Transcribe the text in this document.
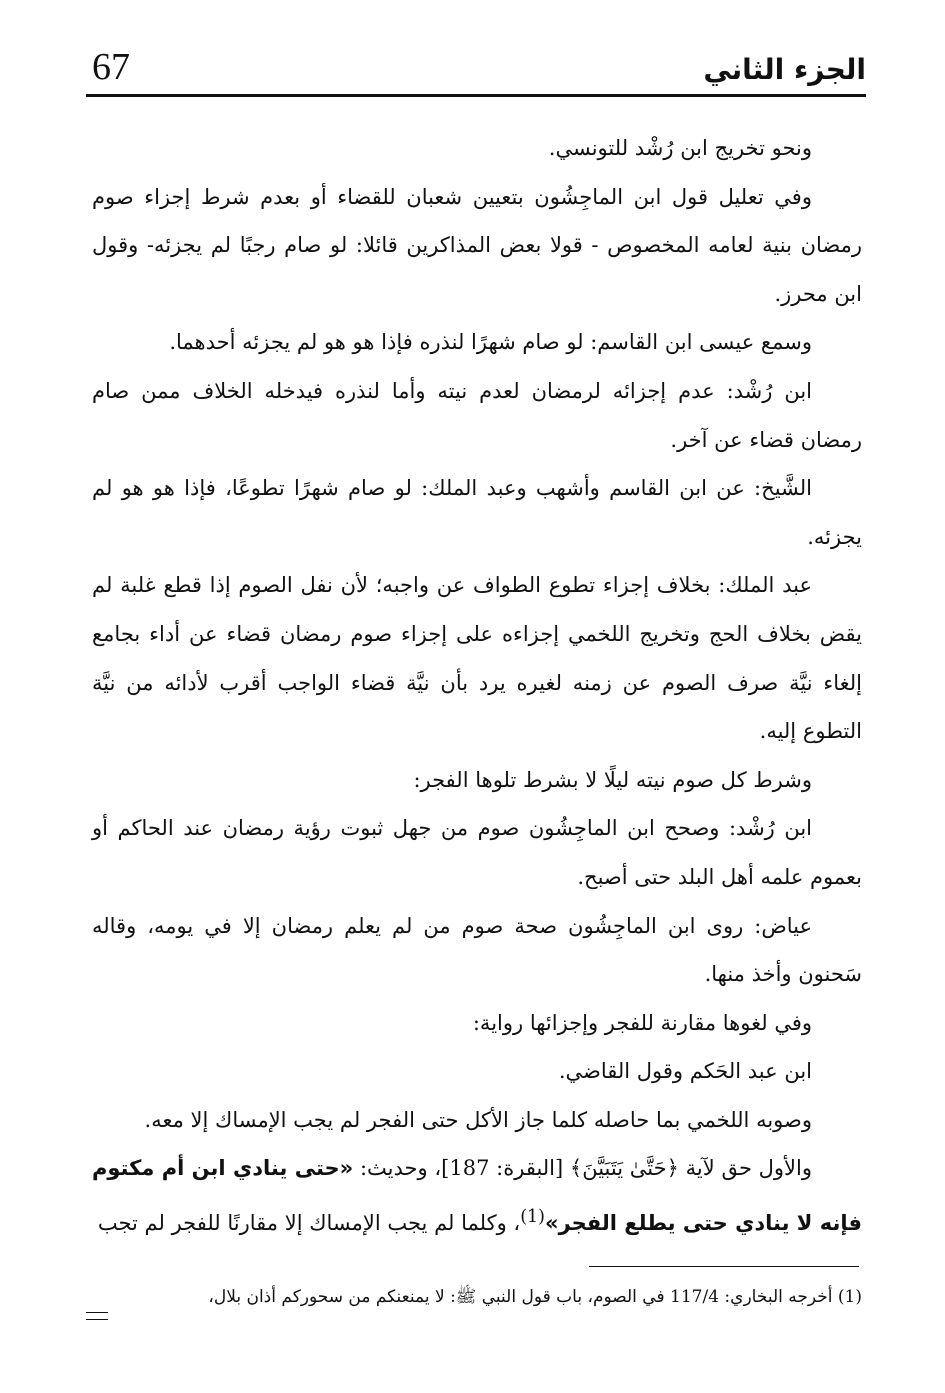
67	الجزء الثاني

ونحو تخريج ابن رُشْد للتونسي.

وفي تعليل قول ابن الماجِشُون بتعيين شعبان للقضاء أو بعدم شرط إجزاء صوم رمضان بنية لعامه المخصوص - قولا بعض المذاكرين قائلا: لو صام رجبًا لم يجزئه- وقول ابن محرز.

وسمع عيسى ابن القاسم: لو صام شهرًا لنذره فإذا هو هو لم يجزئه أحدهما.

ابن رُشْد: عدم إجزائه لرمضان لعدم نيته وأما لنذره فيدخله الخلاف ممن صام رمضان قضاء عن آخر.

الشَّيخ: عن ابن القاسم وأشهب وعبد الملك: لو صام شهرًا تطوعًا، فإذا هو هو لم يجزئه.

عبد الملك: بخلاف إجزاء تطوع الطواف عن واجبه؛ لأن نفل الصوم إذا قطع غلبة لم يقض بخلاف الحج وتخريج اللخمي إجزاءه على إجزاء صوم رمضان قضاء عن أداء بجامع إلغاء نيَّة صرف الصوم عن زمنه لغيره يرد بأن نيَّة قضاء الواجب أقرب لأدائه من نيَّة التطوع إليه.

وشرط كل صوم نيته ليلًا لا بشرط تلوها الفجر:

ابن رُشْد: وصحح ابن الماجِشُون صوم من جهل ثبوت رؤية رمضان عند الحاكم أو بعموم علمه أهل البلد حتى أصبح.

عياض: روى ابن الماجِشُون صحة صوم من لم يعلم رمضان إلا في يومه، وقاله سَحنون وأخذ منها.

وفي لغوها مقارنة للفجر وإجزائها رواية:

ابن عبد الحَكم وقول القاضي.

وصوبه اللخمي بما حاصله كلما جاز الأكل حتى الفجر لم يجب الإمساك إلا معه.

والأول حق لآية ﴿حَتَّىٰ يَتَبَيَّنَ﴾ [البقرة: 187]، وحديث: «حتى ينادي ابن أم مكتوم فإنه لا ينادي حتى يطلع الفجر»$^{(1)}$، وكلما لم يجب الإمساك إلا مقارنًا للفجر لم تجب

(1) أخرجه البخاري: 117/4 في الصوم، باب قول النبي ﷺ: لا يمنعنكم من سحوركم أذان بلال،
